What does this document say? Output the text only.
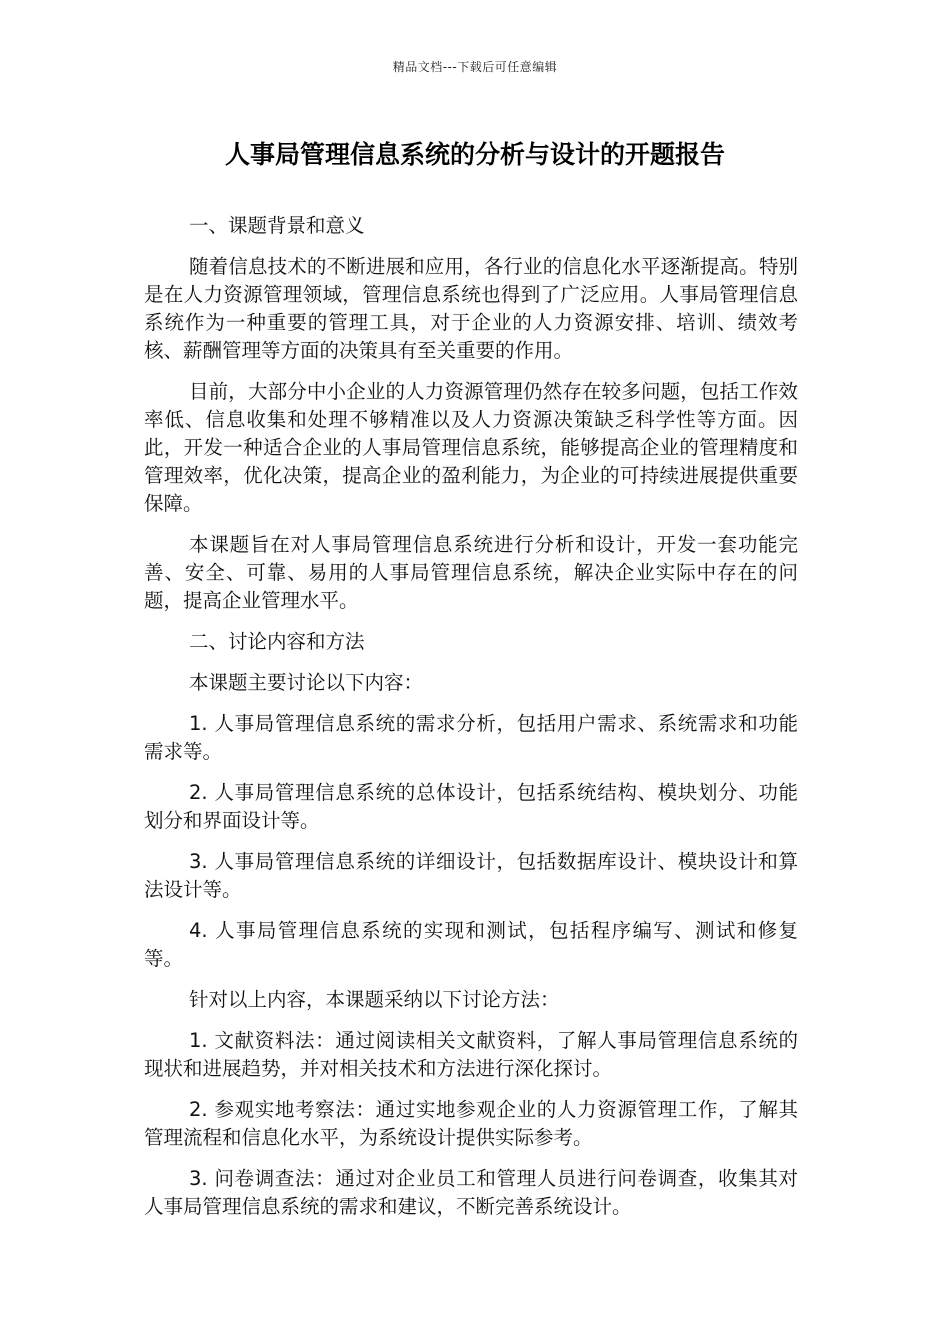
精品文档---下载后可任意编辑
人事局管理信息系统的分析与设计的开题报告

一、课题背景和意义

随着信息技术的不断进展和应用，各行业的信息化水平逐渐提高。特别是在人力资源管理领域，管理信息系统也得到了广泛应用。人事局管理信息系统作为一种重要的管理工具，对于企业的人力资源安排、培训、绩效考核、薪酬管理等方面的决策具有至关重要的作用。

目前，大部分中小企业的人力资源管理仍然存在较多问题，包括工作效率低、信息收集和处理不够精准以及人力资源决策缺乏科学性等方面。因此，开发一种适合企业的人事局管理信息系统，能够提高企业的管理精度和管理效率，优化决策，提高企业的盈利能力，为企业的可持续进展提供重要保障。

本课题旨在对人事局管理信息系统进行分析和设计，开发一套功能完善、安全、可靠、易用的人事局管理信息系统，解决企业实际中存在的问题，提高企业管理水平。

二、讨论内容和方法

本课题主要讨论以下内容：

1. 人事局管理信息系统的需求分析，包括用户需求、系统需求和功能需求等。

2. 人事局管理信息系统的总体设计，包括系统结构、模块划分、功能划分和界面设计等。

3. 人事局管理信息系统的详细设计，包括数据库设计、模块设计和算法设计等。

4. 人事局管理信息系统的实现和测试，包括程序编写、测试和修复等。

针对以上内容，本课题采纳以下讨论方法：

1. 文献资料法：通过阅读相关文献资料，了解人事局管理信息系统的现状和进展趋势，并对相关技术和方法进行深化探讨。

2. 参观实地考察法：通过实地参观企业的人力资源管理工作，了解其管理流程和信息化水平，为系统设计提供实际参考。

3. 问卷调查法：通过对企业员工和管理人员进行问卷调查，收集其对人事局管理信息系统的需求和建议，不断完善系统设计。
